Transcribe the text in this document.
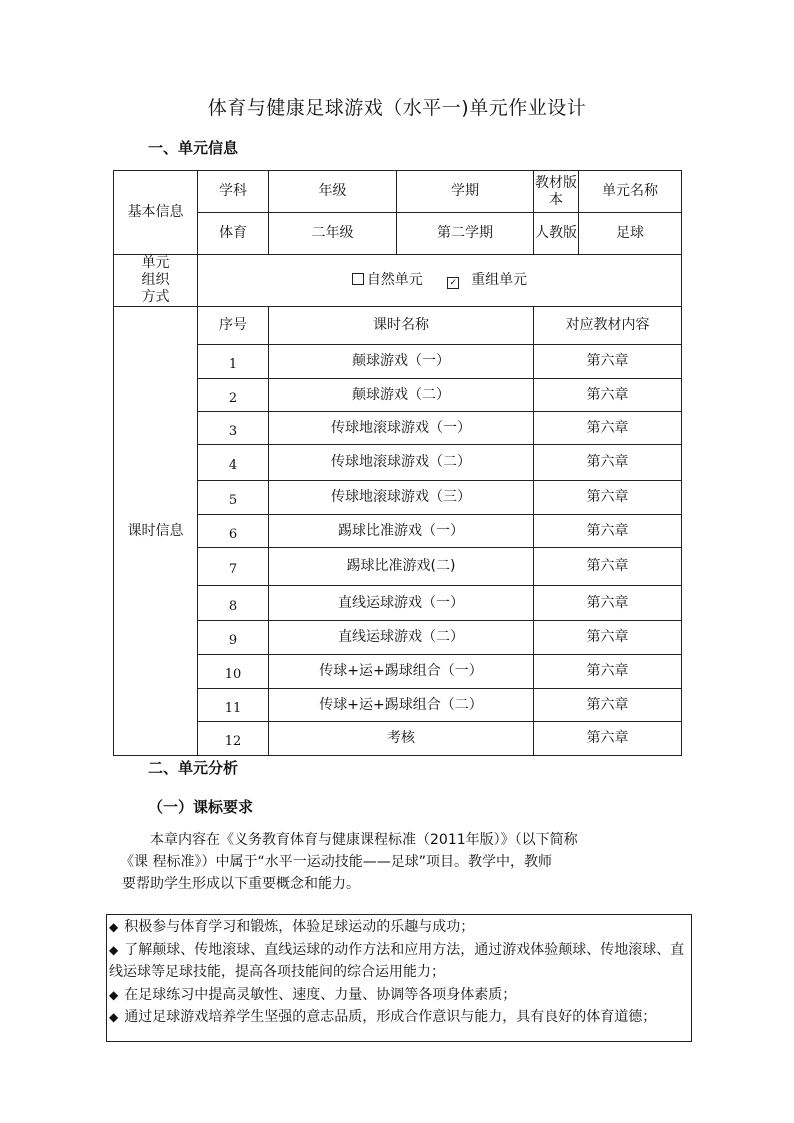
体育与健康足球游戏（水平一)单元作业设计
一、单元信息
基本信息	学科	年级	学期	教材版本	单元名称
	体育	二年级	第二学期	人教版	足球
单元组织方式	自然单元 ✓ 重组单元				
课时信息	序号	课时名称		对应教材内容	
	1	颠球游戏（一）		第六章	
	2	颠球游戏（二）		第六章	
	3	传球地滚球游戏（一）		第六章	
	4	传球地滚球游戏（二）		第六章	
	5	传球地滚球游戏（三）		第六章	
	6	踢球比准游戏（一）		第六章	
	7	踢球比准游戏(二)		第六章	
	8	直线运球游戏（一）		第六章	
	9	直线运球游戏（二）		第六章	
	10	传球+运+踢球组合（一）		第六章	
	11	传球+运+踢球组合（二）		第六章	
	12	考核		第六章	
二、单元分析
（一）课标要求
本章内容在《义务教育体育与健康课程标准（2011年版）》（以下简称
《课 程标准》）中属于“水平一运动技能——足球”项目。教学中，教师
要帮助学生形成以下重要概念和能力。
◆ 积极参与体育学习和锻炼，体验足球运动的乐趣与成功；
◆ 了解颠球、传地滚球、直线运球的动作方法和应用方法，通过游戏体验颠球、传地滚球、直线运球等足球技能，提高各项技能间的综合运用能力；
◆ 在足球练习中提高灵敏性、速度、力量、协调等各项身体素质；
◆ 通过足球游戏培养学生坚强的意志品质，形成合作意识与能力，具有良好的体育道德；
